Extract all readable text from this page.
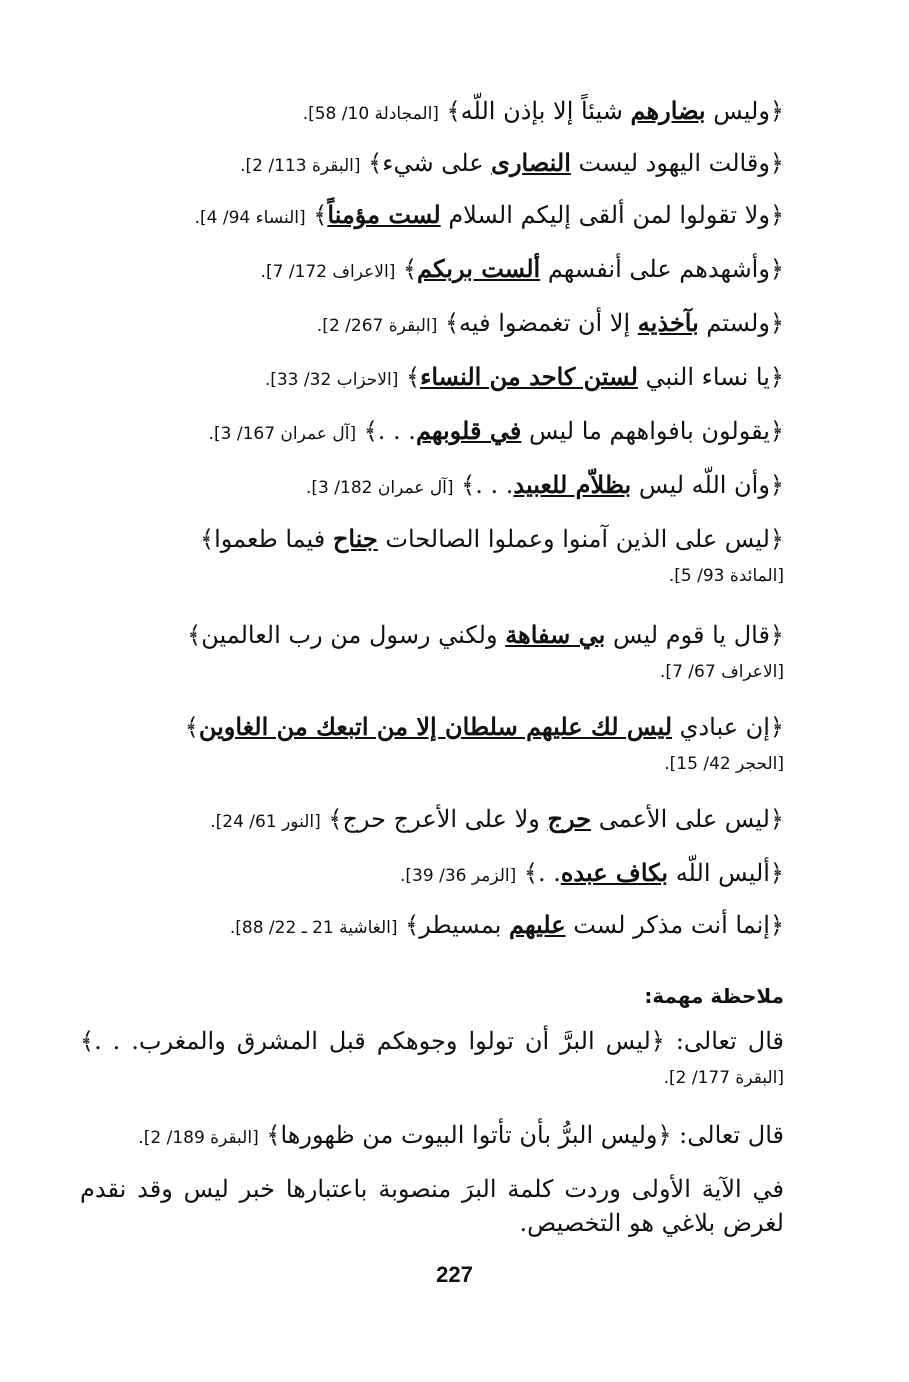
﴿وليس بضارهم شيئاً إلا بإذن اللّه﴾ [المجادلة 10/ 58].
﴿وقالت اليهود ليست النصارى على شيء﴾ [البقرة 113/ 2].
﴿ولا تقولوا لمن ألقى إليكم السلام لست مؤمناً﴾ [النساء 94/ 4].
﴿وأشهدهم على أنفسهم ألست بربكم﴾ [الاعراف 172/ 7].
﴿ولستم بآخذيه إلا أن تغمضوا فيه﴾ [البقرة 267/ 2].
﴿يا نساء النبي لستن كاحد من النساء﴾ [الاحزاب 32/ 33].
﴿يقولون بافواههم ما ليس في قلوبهم. . .﴾ [آل عمران 167/ 3].
﴿وأن اللّه ليس بظلاّم للعبيد. . .﴾ [آل عمران 182/ 3].
﴿ليس على الذين آمنوا وعملوا الصالحات جناح فيما طعموا﴾
[المائدة 93/ 5].
﴿قال يا قوم ليس بي سفاهة ولكني رسول من رب العالمين﴾
[الاعراف 67/ 7].
﴿إن عبادي ليس لك عليهم سلطان إلا من اتبعك من الغاوين﴾
[الحجر 42/ 15].
﴿ليس على الأعمى حرج ولا على الأعرج حرج﴾ [النور 61/ 24].
﴿أليس اللّه بكاف عبده. .﴾ [الزمر 36/ 39].
﴿إنما أنت مذكر لست عليهم بمسيطر﴾ [الغاشية 21 ـ 22/ 88].
ملاحظة مهمة:
قال تعالى: ﴿ليس البرَّ أن تولوا وجوهكم قبل المشرق والمغرب. . .﴾ [البقرة 177/ 2].
قال تعالى: ﴿وليس البرُّ بأن تأتوا البيوت من ظهورها﴾ [البقرة 189/ 2].
في الآية الأولى وردت كلمة البرَ منصوبة باعتبارها خبر ليس وقد نقدم لغرض بلاغي هو التخصيص.
227
